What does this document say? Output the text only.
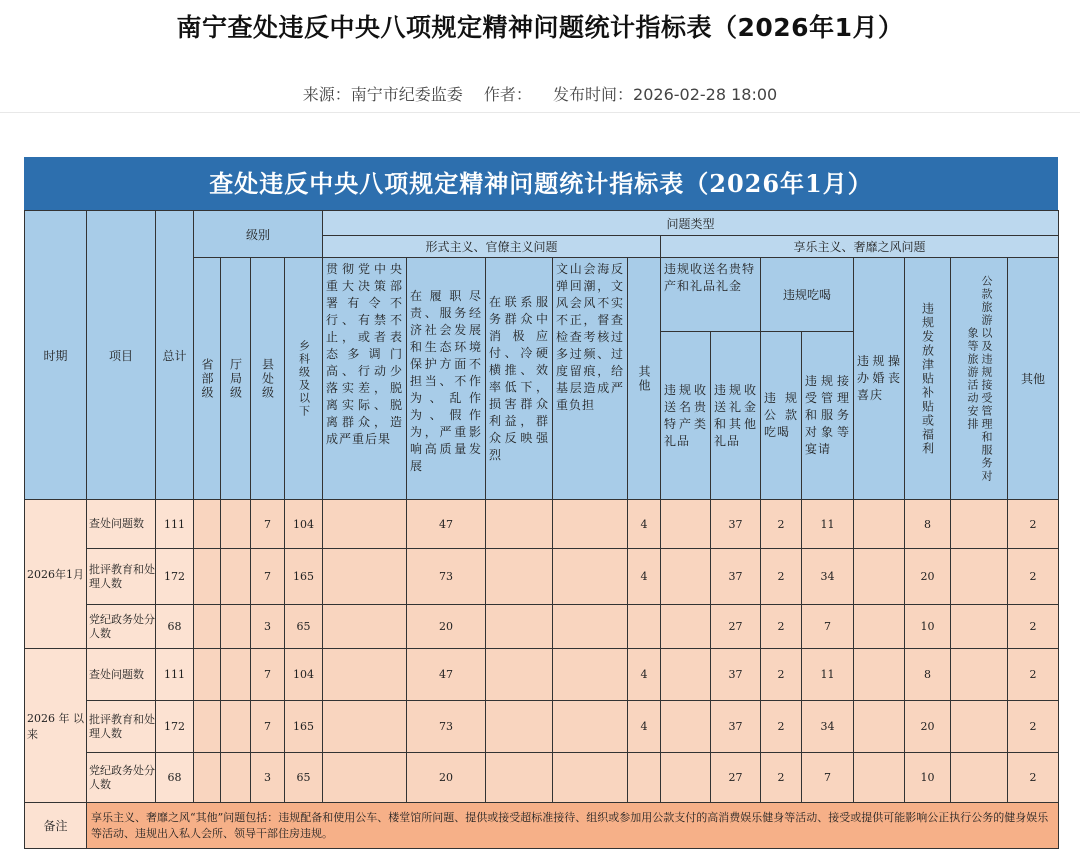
南宁查处违反中央八项规定精神问题统计指标表（2026年1月）
来源：南宁市纪委监委 作者： 发布时间：2026-02-28 18:00
查处违反中央八项规定精神问题统计指标表（2026年1月）
时期	项目	总计	级别				问题类型												
							形式主义、官僚主义问题					享乐主义、奢靡之风问题							

			省部级	厅局级	县处级	乡科级及以下	贯彻党中央重大决策部署有令不行、有禁不止，或者表态多调门高、行动少落实差，脱离实际、脱离群众，造成严重后果	在履职尽责、服务经济社会发展和生态环境保护方面不担当、不作为、乱作为、假作为，严重影响高质量发展	在联系服务群众中消极应付、冷硬横推、效率低下，损害群众利益，群众反映强烈	文山会海反弹回潮，文风会风不实不正，督查检查考核过多过频、过度留痕，给基层造成严重负担	其他	违规收送名贵特产和礼品礼金		违规吃喝		违规操办婚丧喜庆	违规发放津贴补贴或福利	公款旅游以及违规接受管理和服务对象等旅游活动安排	其他

												违规收送名贵特产类礼品	违规收送礼金和其他礼品	违规公款吃喝	违规接受管理和服务对象等宴请				

2026年1月	查处问题数	111			7	104		47			4		37	2	11		8		2
	批评教育和处理人数	172			7	165		73			4		37	2	34		20		2
	党纪政务处分人数	68			3	65		20					27	2	7		10		2
2026 年 以来	查处问题数	111			7	104		47			4		37	2	11		8		2
	批评教育和处理人数	172			7	165		73			4		37	2	34		20		2
	党纪政务处分人数	68			3	65		20					27	2	7		10		2
备注	享乐主义、奢靡之风“其他”问题包括：违规配备和使用公车、楼堂馆所问题、提供或接受超标准接待、组织或参加用公款支付的高消费娱乐健身等活动、接受或提供可能影响公正执行公务的健身娱乐等活动、违规出入私人会所、领导干部住房违规。																		
